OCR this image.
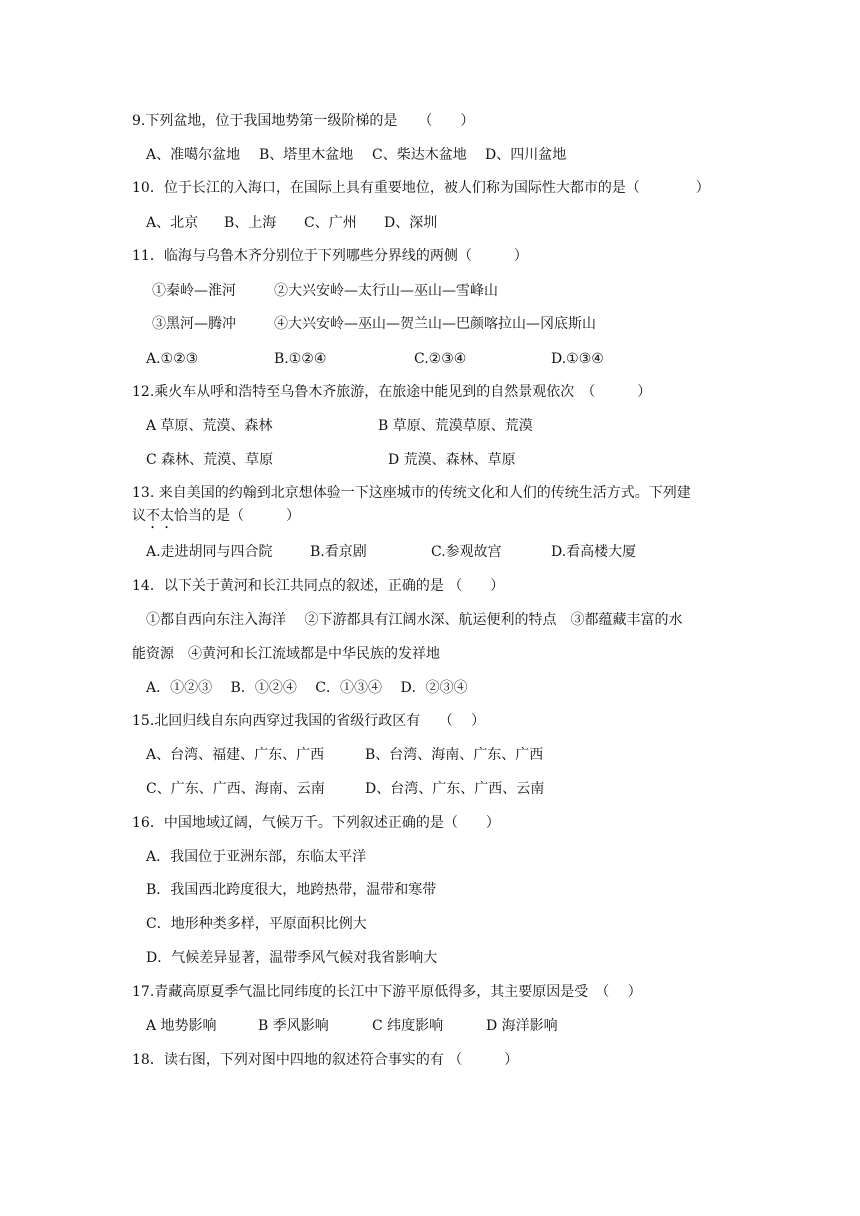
9.下列盆地，位于我国地势第一级阶梯的是　　（　　）
A、准噶尔盆地 B、塔里木盆地 C、柴达木盆地 D、四川盆地
10．位于长江的入海口，在国际上具有重要地位，被人们称为国际性大都市的是（　　　　）
A、北京 B、上海 C、广州 D、深圳
11．临海与乌鲁木齐分别位于下列哪些分界线的两侧（　　　）
①秦岭—淮河	②大兴安岭—太行山—巫山—雪峰山
③黑河—腾冲	④大兴安岭—巫山—贺兰山—巴颜喀拉山—冈底斯山
A.①②③	B.①②④	C.②③④	D.①③④
12.乘火车从呼和浩特至乌鲁木齐旅游，在旅途中能见到的自然景观依次　（　　　）
A 草原、荒漠、森林	B 草原、荒漠草原、荒漠
C 森林、荒漠、草原	D 荒漠、森林、草原
13. 来自美国的约翰到北京想体验一下这座城市的传统文化和人们的传统生活方式。下列建
议不太恰当的是（　　　）
A.走进胡同与四合院	B.看京剧	C.参观故宫	D.看高楼大厦
14．以下关于黄河和长江共同点的叙述，正确的是 （　　）
①都自西向东注入海洋　 ②下游都具有江阔水深、航运便利的特点　③都蕴藏丰富的水
能资源　④黄河和长江流域都是中华民族的发祥地
A．①②③　 B．①②④　 C．①③④　 D．②③④
15.北回归线自东向西穿过我国的省级行政区有　 （　 ）
A、台湾、福建、广东、广西	B、台湾、海南、广东、广西
C、广东、广西、海南、云南	D、台湾、广东、广西、云南
16．中国地域辽阔，气候万千。下列叙述正确的是（　　）
A．我国位于亚洲东部，东临太平洋
B．我国西北跨度很大，地跨热带，温带和寒带
C．地形种类多样，平原面积比例大
D．气候差异显著，温带季风气候对我省影响大
17.青藏高原夏季气温比同纬度的长江中下游平原低得多，其主要原因是受　（　 ）
A 地势影响	B 季风影响	C 纬度影响	D 海洋影响
18．读右图，下列对图中四地的叙述符合事实的有 （　　　）
